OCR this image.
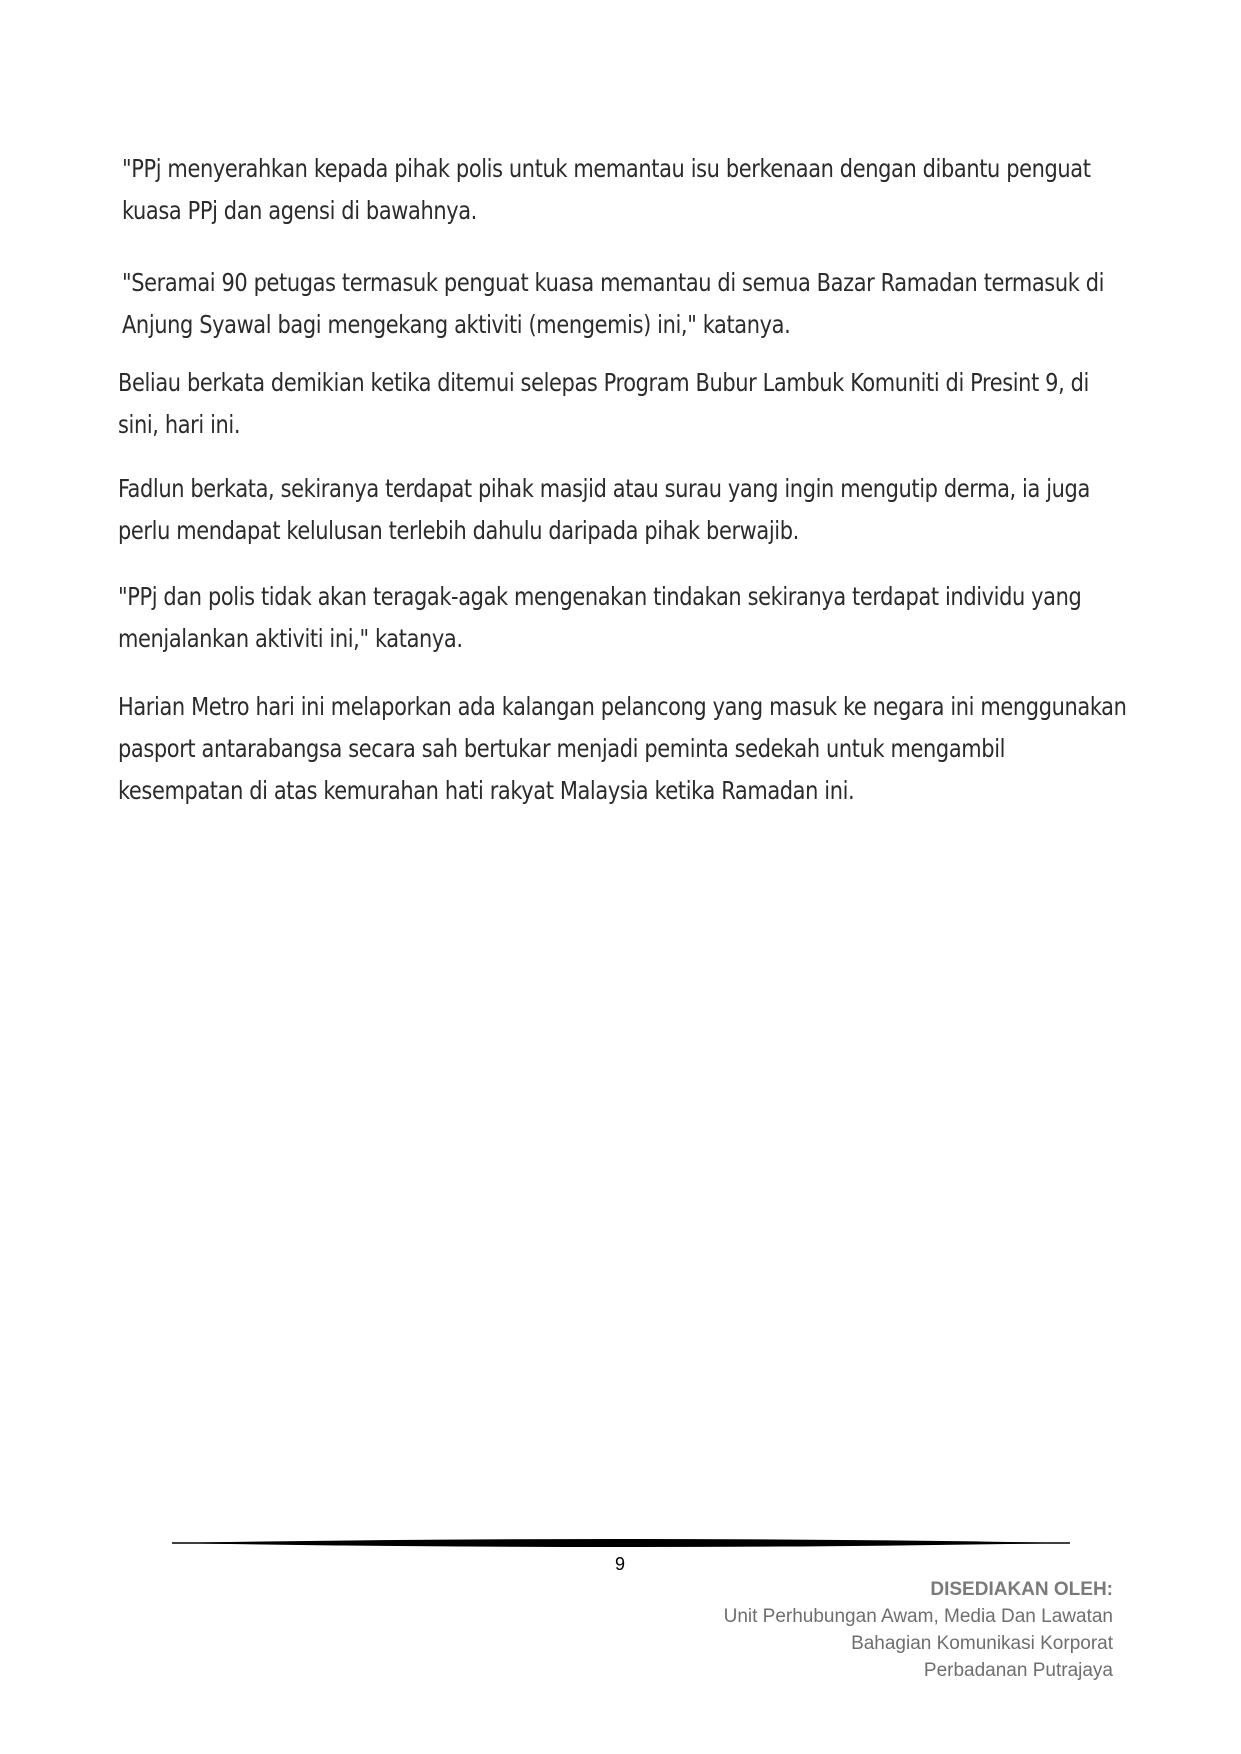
"PPj menyerahkan kepada pihak polis untuk memantau isu berkenaan dengan dibantu penguat kuasa PPj dan agensi di bawahnya.

"Seramai 90 petugas termasuk penguat kuasa memantau di semua Bazar Ramadan termasuk di Anjung Syawal bagi mengekang aktiviti (mengemis) ini," katanya.

Beliau berkata demikian ketika ditemui selepas Program Bubur Lambuk Komuniti di Presint 9, di sini, hari ini.

Fadlun berkata, sekiranya terdapat pihak masjid atau surau yang ingin mengutip derma, ia juga perlu mendapat kelulusan terlebih dahulu daripada pihak berwajib.

"PPj dan polis tidak akan teragak-agak mengenakan tindakan sekiranya terdapat individu yang menjalankan aktiviti ini," katanya.

Harian Metro hari ini melaporkan ada kalangan pelancong yang masuk ke negara ini menggunakan pasport antarabangsa secara sah bertukar menjadi peminta sedekah untuk mengambil kesempatan di atas kemurahan hati rakyat Malaysia ketika Ramadan ini.

9
DISEDIAKAN OLEH:
Unit Perhubungan Awam, Media Dan Lawatan
Bahagian Komunikasi Korporat
Perbadanan Putrajaya
